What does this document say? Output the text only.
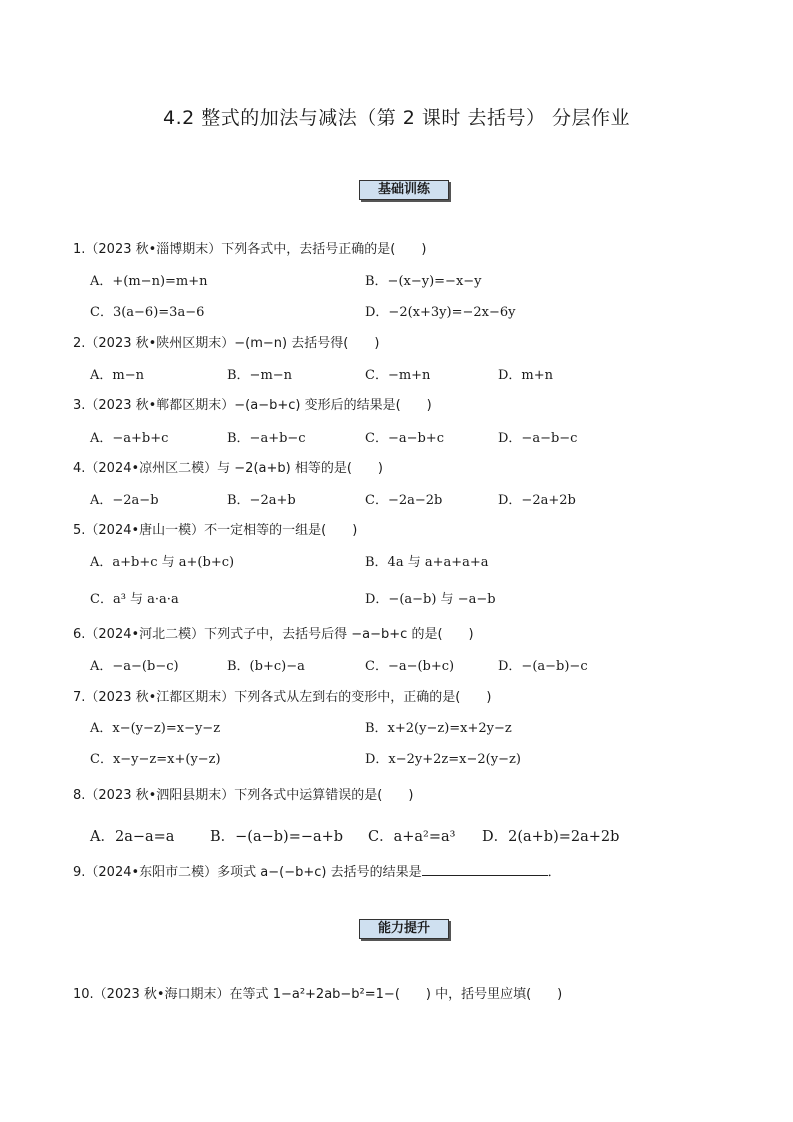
4.2 整式的加法与减法（第 2 课时 去括号） 分层作业
基础训练
1.（2023 秋•淄博期末）下列各式中，去括号正确的是(　　)
A．+(m−n)=m+n	B．−(x−y)=−x−y
C．3(a−6)=3a−6	D．−2(x+3y)=−2x−6y
2.（2023 秋•陕州区期末）−(m−n) 去括号得(　　)
A．m−n	B．−m−n	C．−m+n	D．m+n
3.（2023 秋•郸都区期末）−(a−b+c) 变形后的结果是(　　)
A．−a+b+c	B．−a+b−c	C．−a−b+c	D．−a−b−c
4.（2024•凉州区二模）与 −2(a+b) 相等的是(　　)
A．−2a−b	B．−2a+b	C．−2a−2b	D．−2a+2b
5.（2024•唐山一模）不一定相等的一组是(　　)
A．a+b+c 与 a+(b+c)	B．4a 与 a+a+a+a
C．a³ 与 a·a·a	D．−(a−b) 与 −a−b
6.（2024•河北二模）下列式子中，去括号后得 −a−b+c 的是(　　)
A．−a−(b−c)	B．(b+c)−a	C．−a−(b+c)	D．−(a−b)−c
7.（2023 秋•江都区期末）下列各式从左到右的变形中，正确的是(　　)
A．x−(y−z)=x−y−z	B．x+2(y−z)=x+2y−z
C．x−y−z=x+(y−z)	D．x−2y+2z=x−2(y−z)
8.（2023 秋•泗阳县期末）下列各式中运算错误的是(　　)
A．2a−a=a B．−(a−b)=−a+b C．a+a²=a³ D．2(a+b)=2a+2b
9.（2024•东阳市二模）多项式 a−(−b+c) 去括号的结果是	．
能力提升
10.（2023 秋•海口期末）在等式 1−a²+2ab−b²=1−(　　) 中，括号里应填(　　)
